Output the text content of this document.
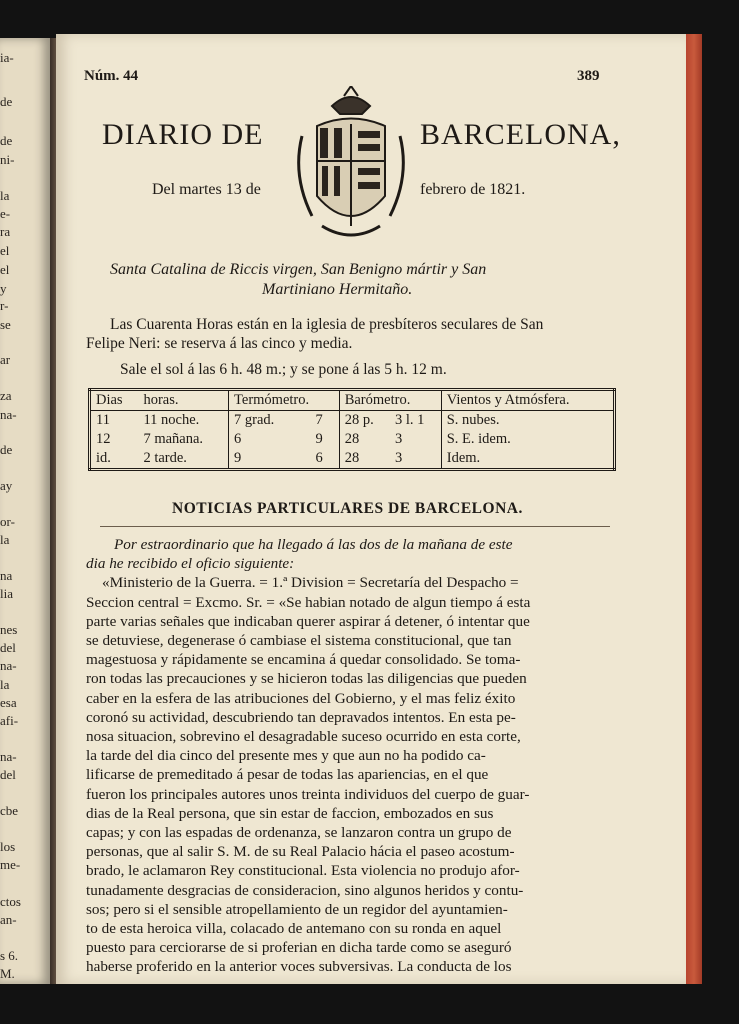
ia-
de
de
ni-
la
e-
ra
el
el
y
r-
se
ar
za
na-
de
ay
or-
la
na
lia
nes
del
na-
la
esa
afi-
na-
del
cbe
los
me-
ctos
an-
s 6.
M.
Núm. 44	389
DIARIO DE	BARCELONA,
Del martes 13 de	febrero de 1821.
Santa Catalina de Riccis virgen, San Benigno mártir y San
Martiniano Hermitaño.
Las Cuarenta Horas están en la iglesia de presbíteros seculares de San
Felipe Neri: se reserva á las cinco y media.
Sale el sol á las 6 h. 48 m.; y se pone á las 5 h. 12 m.
Dias	horas.	Termómetro.		Barómetro.		Vientos y Atmósfera.
11	11 noche.	7 grad.	7	28 p.	3 l. 1	S. nubes.
12	7 mañana.	6	9	28	3	S. E. idem.
id.	2 tarde.	9	6	28	3	Idem.
NOTICIAS PARTICULARES DE BARCELONA.
Por estraordinario que ha llegado á las dos de la mañana de este
dia he recibido el oficio siguiente:
«Ministerio de la Guerra. = 1.ª Division = Secretaría del Despacho =
Seccion central = Excmo. Sr. = «Se habian notado de algun tiempo á esta
parte varias señales que indicaban querer aspirar á detener, ó intentar que
se detuviese, degenerase ó cambiase el sistema constitucional, que tan
magestuosa y rápidamente se encamina á quedar consolidado. Se toma-
ron todas las precauciones y se hicieron todas las diligencias que pueden
caber en la esfera de las atribuciones del Gobierno, y el mas feliz éxito
coronó su actividad, descubriendo tan depravados intentos. En esta pe-
nosa situacion, sobrevino el desagradable suceso ocurrido en esta corte,
la tarde del dia cinco del presente mes y que aun no ha podido ca-
lificarse de premeditado á pesar de todas las apariencias, en el que
fueron los principales autores unos treinta individuos del cuerpo de guar-
dias de la Real persona, que sin estar de faccion, embozados en sus
capas; y con las espadas de ordenanza, se lanzaron contra un grupo de
personas, que al salir S. M. de su Real Palacio hácia el paseo acostum-
brado, le aclamaron Rey constitucional. Esta violencia no produjo afor-
tunadamente desgracias de consideracion, sino algunos heridos y contu-
sos; pero si el sensible atropellamiento de un regidor del ayuntamien-
to de esta heroica villa, colacado de antemano con su ronda en aquel
puesto para cerciorarse de si proferian en dicha tarde como se aseguró
haberse proferido en la anterior voces subversivas. La conducta de los
